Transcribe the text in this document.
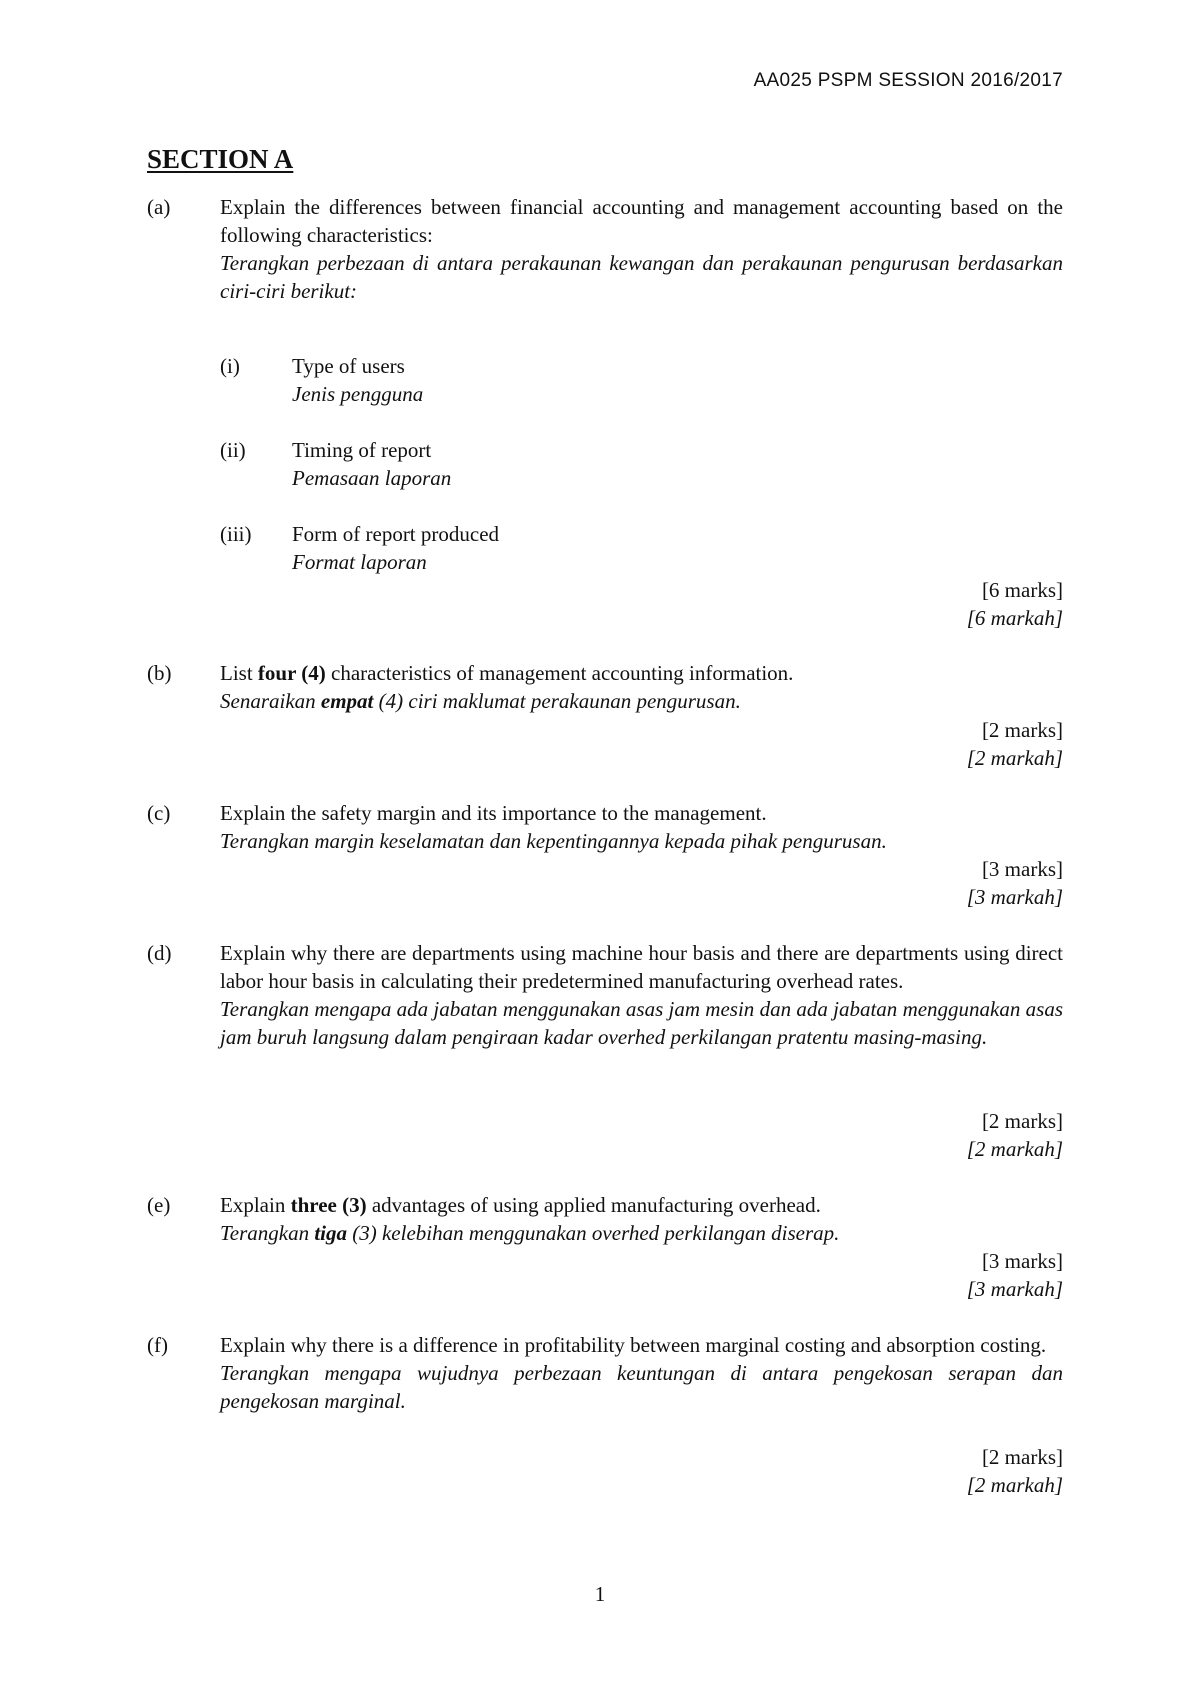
AA025 PSPM SESSION 2016/2017
SECTION A
(a) Explain the differences between financial accounting and management accounting based on the following characteristics:
Terangkan perbezaan di antara perakaunan kewangan dan perakaunan pengurusan berdasarkan ciri-ciri berikut:
(i) Type of users
Jenis pengguna
(ii) Timing of report
Pemasaan laporan
(iii) Form of report produced
Format laporan
[6 marks]
[6 markah]
(b) List four (4) characteristics of management accounting information.
Senaraikan empat (4) ciri maklumat perakaunan pengurusan.
[2 marks]
[2 markah]
(c) Explain the safety margin and its importance to the management.
Terangkan margin keselamatan dan kepentingannya kepada pihak pengurusan.
[3 marks]
[3 markah]
(d) Explain why there are departments using machine hour basis and there are departments using direct labor hour basis in calculating their predetermined manufacturing overhead rates.
Terangkan mengapa ada jabatan menggunakan asas jam mesin dan ada jabatan menggunakan asas jam buruh langsung dalam pengiraan kadar overhed perkilangan pratentu masing-masing.
[2 marks]
[2 markah]
(e) Explain three (3) advantages of using applied manufacturing overhead.
Terangkan tiga (3) kelebihan menggunakan overhed perkilangan diserap.
[3 marks]
[3 markah]
(f) Explain why there is a difference in profitability between marginal costing and absorption costing.
Terangkan mengapa wujudnya perbezaan keuntungan di antara pengekosan serapan dan pengekosan marginal.
[2 marks]
[2 markah]
1
